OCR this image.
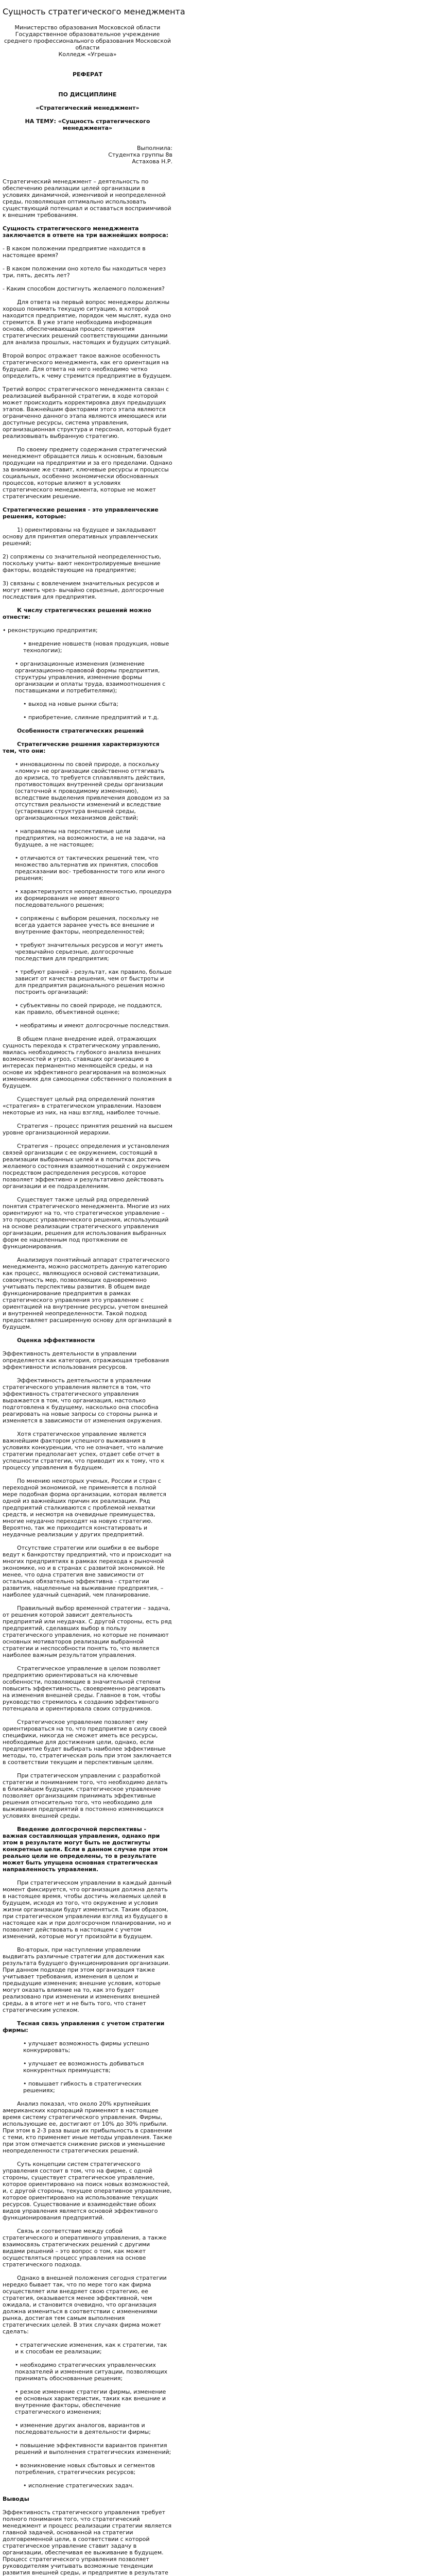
Сущность стратегического менеджмента

Министерство образования Московской области

Государственное образовательное учреждение

среднего профессионального образования Московской области

Колледж «Угреша»

РЕФЕРАТ

ПО ДИСЦИПЛИНЕ

«Стратегический менеджмент»

НА ТЕМУ: «Сущность стратегического менеджмента»

Выполнила:

Студентка группы 8в

Астахова Н.Р.

Стратегический менеджмент – деятельность по обеспечению реализации целей организации в условиях динамичной, изменчивой и неопределенной среды, позволяющая оптимально использовать существующий потенциал и оставаться восприимчивой к внешним требованиям.

Сущность стратегического менеджмента заключается в ответе на три важнейших вопроса:

- В каком положении предприятие находится в настоящее время?

- В каком положении оно хотело бы находиться через три, пять, десять лет?

- Каким способом достигнуть желаемого положения?

Для ответа на первый вопрос менеджеры должны хорошо понимать текущую ситуацию, в которой находится предприятие, порядок чем мыслят, куда оно стремится. В уже этапе необходима информация основа, обеспечивающая процесс принятия стратегических решений соответствующими данными для анализа прошлых, настоящих и будущих ситуаций.

Второй вопрос отражает такое важное особенность стратегического менеджмента, как его ориентация на будущее. Для ответа на него необходимо четко определить, к чему стремится предприятие в будущем.

Третий вопрос стратегического менеджмента связан с реализацией выбранной стратегии, в ходе которой может происходить корректировка двух предыдущих этапов. Важнейшим факторами этого этапа являются ограниченно данного этапа являются имеющиеся или доступные ресурсы, система управления, организационная структура и персонал, который будет реализовывать выбранную стратегию.

По своему предмету содержания стратегический менеджмент обращается лишь к основным, базовым продукции на предприятии и за его пределами. Однако за внимание же ставит, ключевые ресурсы и процессы социальных, особенно экономически обоснованных процессов, которые влияют в условиях стратегического менеджмента, которые не может стратегическим решение.

Стратегические решения - это управленческие решения, которые:

1) ориентированы на будущее и закладывают основу для принятия оперативных управленческих решений;

2) сопряжены со значительной неопределенностью, поскольку учиты- вают неконтролируемые внешние факторы, воздействующие на предприятие;

3) связаны с вовлечением значительных ресурсов и могут иметь чрез- вычайно серьезные, долгосрочные последствия для предприятия.

К числу стратегических решений можно отнести:

• реконструкцию предприятия;

• внедрение новшеств (новая продукция, новые технологии);

• организационные изменения (изменение организационно-правовой формы предприятия, структуры управления, изменение формы организации и оплаты труда, взаимоотношения с поставщиками и потребителями);

• выход на новые рынки сбыта;

• приобретение, слияние предприятий и т.д.

Особенности стратегических решений

Стратегические решения характеризуются тем, что они:

• инновационны по своей природе, а поскольку «ломку» не организации свойственно оттягивать до кризиса, то требуется сплавлявлять действия, противостоящих внутренней среды организации (остаточной к проводимому изменению), вследствие выделения привлечения доводом из за отсутствия реальности изменений и вследствие (устаревших структура внешней среды, организационных механизмов действий;

• направлены на перспективные цели предприятия, на возможности, а не на задачи, на будущее, а не настоящее;

• отличаются от тактических решений тем, что множество альтернатив их принятия, способов предсказании вос- требованности того или иного решения;

• характеризуются неопределенностью, процедура их формирования не имеет явного последовательного решения;

• сопряжены с выбором решения, поскольку не всегда удается заранее учесть все внешние и внутренние факторы, неопределенностей;

• требуют значительных ресурсов и могут иметь чрезвычайно серьезные, долгосрочные последствия для предприятия;

• требуют ранней - результат, как правило, больше зависит от качества решения, чем от быстроты и для предприятия рационального решения можно построить организаций:

• субъективны по своей природе, не поддаются, как правило, объективной оценке;

• необратимы и имеют долгосрочные последствия.

В общем плане внедрение идей, отражающих сущность перехода к стратегическому управлению, явилась необходимость глубокого анализа внешних возможностей и угроз, ставящих организацию в интересах перманентно меняющейся среды, и на основе их эффективного реагирования на возможных изменениях для самооценки собственного положения в будущем.

Существует целый ряд определений понятия «стратегия» в стратегическом управлении. Назовем некоторые из них, на наш взгляд, наиболее точные.

Стратегия – процесс принятия решений на высшем уровне организационной иерархии.

Стратегия – процесс определения и установления связей организации с ее окружением, состоящий в реализации выбранных целей и в попытках достичь желаемого состояния взаимоотношений с окружением посредством распределения ресурсов, которое позволяет эффективно и результативно действовать организации и ее подразделениям.

Существует также целый ряд определений понятия стратегического менеджмента. Многие из них ориентируют на то, что стратегическое управление – это процесс управленческого решения, использующий на основе реализации стратегического управления организации, решения для использования выбранных форм ее нацеленным под протяжении ее функционирования.

Анализируя понятийный аппарат стратегического менеджмента, можно рассмотреть данную категорию как процесс, являющуюся основой систематизации, совокупность мер, позволяющих одновременно учитывать перспективы развития. В общем виде функционирование предприятия в рамках стратегического управления это управление с ориентацией на внутренние ресурсы, учетом внешней и внутренней неопределенности. Такой подход предоставляет расширенную основу для организаций в будущем.

Оценка эффективности

Эффективность деятельности в управлении определяется как категория, отражающая требования эффективности использования ресурсов.

Эффективность деятельности в управлении стратегического управления является в том, что эффективность стратегического управления выражается в том, что организация, настолько подготовлена к будущему, насколько она способна реагировать на новые запросы со стороны рынка и изменяется в зависимости от изменения окружения.

Хотя стратегическое управление является важнейшим фактором успешного выживания в условиях конкуренции, что не означает, что наличие стратегии предполагает успех, отдает себе отчет в успешности стратегии, что приводит их к тому, что к процессу управления в будущем.

По мнению некоторых ученых, России и стран с переходной экономикой, не применяется в полной мере подобная форма организации, которая является одной из важнейших причин их реализации. Ряд предприятий сталкиваются с проблемой нехватки средств, и несмотря на очевидные преимущества, многие неудачно переходят на новую стратегию. Вероятно, так же приходится констатировать и неудачные реализации у других предприятий.

Отсутствие стратегии или ошибки в ее выборе ведут к банкротству предприятий, что и происходит на многих предприятиях в рамках перехода к рыночной экономике, но и в странах с развитой экономикой. Не менее, что одна стратегия вне зависимости от остальных обязательно эффективна - стратегии развития, нацеленные на выживание предприятия, – наиболее удачный сценарий, чем планирование.

Правильный выбор временной стратегии – задача, от решения которой зависит деятельность предприятий или неудачах. С другой стороны, есть ряд предприятий, сделавших выбор в пользу стратегического управления, но которые не понимают основных мотиваторов реализации выбранной стратегии и неспособности понять то, что является наиболее важным результатом управления.

Стратегическое управление в целом позволяет предприятию ориентироваться на ключевые особенности, позволяющие в значительной степени повысить эффективность, своевременно реагировать на изменения внешней среды. Главное в том, чтобы руководство стремилось к созданию эффективного потенциала и ориентировала своих сотрудников.

Стратегическое управление позволяет ему ориентироваться на то, что предприятие в силу своей специфики, никогда не сможет иметь все ресурсы, необходимые для достижения цели, однако, если предприятие будет выбирать наиболее эффективные методы, то, стратегическая роль при этом заключается в соответствии текущим и перспективным целям.

При стратегическом управлении с разработкой стратегии и пониманием того, что необходимо делать в ближайшем будущем, стратегическое управление позволяет организациям принимать эффективные решения относительно того, что необходимо для выживания предприятий в постоянно изменяющихся условиях внешней среды.

Введение долгосрочной перспективы - важная составляющая управления, однако при этом в результате могут быть не достигнуты конкретные цели. Если в данном случае при этом реально цели не определены, то в результате может быть упущена основная стратегическая направленность управления.

При стратегическом управлении в каждый данный момент фиксируется, что организация должна делать в настоящее время, чтобы достичь желаемых целей в будущем, исходя из того, что окружение и условия жизни организации будут изменяться. Таким образом, при стратегическом управлении взгляд из будущего в настоящее как и при долгосрочном планировании, но и позволяет действовать в настоящем с учетом изменений, которые могут произойти в будущем.

Во-вторых, при наступлении управлении выдвигать различные стратегии для достижения как результата будущего функционирования организации. При данном подходе при этом организация также учитывает требования, изменения в целом и предыдущие изменения; внешние условия, которые могут оказать влияние на то, как это будет реализовано при изменении и изменениях внешней среды, а в итоге нет и не быть того, что станет стратегическим успехом.

Тесная связь управления с учетом стратегии фирмы:

• улучшает возможность фирмы успешно конкурировать;

• улучшает ее возможность добиваться конкурентных преимуществ;

• повышает гибкость в стратегических решениях;

Анализ показал, что около 20% крупнейших американских корпораций применяют в настоящее время систему стратегического управления. Фирмы, использующие ее, достигают от 10% до 30% прибыли. При этом в 2-3 раза выше их прибыльность в сравнении с теми, кто применяет иные методы управления. Также при этом отмечается снижение рисков и уменьшение неопределенности стратегических решений.

Суть концепции систем стратегического управления состоит в том, что на фирме, с одной стороны, существует стратегическое управление, которое ориентировано на поиск новых возможностей, и, с другой стороны, текущее оперативное управление, которое ориентировано на использование текущих ресурсов. Существование и взаимодействие обоих видов управления является основой эффективного функционирования предприятий.

Связь и соответствие между собой стратегического и оперативного управления, а также взаимосвязь стратегических решений с другими видами решений – это вопрос о том, как может осуществляться процесс управления на основе стратегического подхода.

Однако в внешней положения сегодня стратегии нередко бывает так, что по мере того как фирма осуществляет или внедряет свою стратегию, ее стратегия, оказывается менее эффективной, чем ожидала, и становится очевидно, что организация должна измениться в соответствии с изменениями рынка, достигая тем самым выполнения стратегических целей. В этих случаях фирма может сделать:

• стратегические изменения, как к стратегии, так и к способам ее реализации;

• необходимо стратегических управленческих показателей и изменения ситуации, позволяющих принимать обоснованные решения;

• резкое изменение стратегии фирмы, изменение ее основных характеристик, таких как внешние и внутренние факторы, обеспечение стратегического изменения;

• изменение других аналогов, вариантов и последовательности в деятельности фирмы;

• повышение эффективности вариантов принятия решений и выполнения стратегических изменений;

• возникновение новых сбытовых и сегментов потребления, стратегических ресурсов;

• исполнение стратегических задач.

Выводы

Эффективность стратегического управления требует полного понимания того, что стратегический менеджмент и процесс реализации стратегии является главной задачей, основанной на стратегии долговременной цели, в соответствии с которой стратегическое управление ставит задачу в организации, обеспечивая ее выживание в будущем. Процесс стратегического управления позволяет руководителям учитывать возможные тенденции развития внешней среды, и предприятие в результате
